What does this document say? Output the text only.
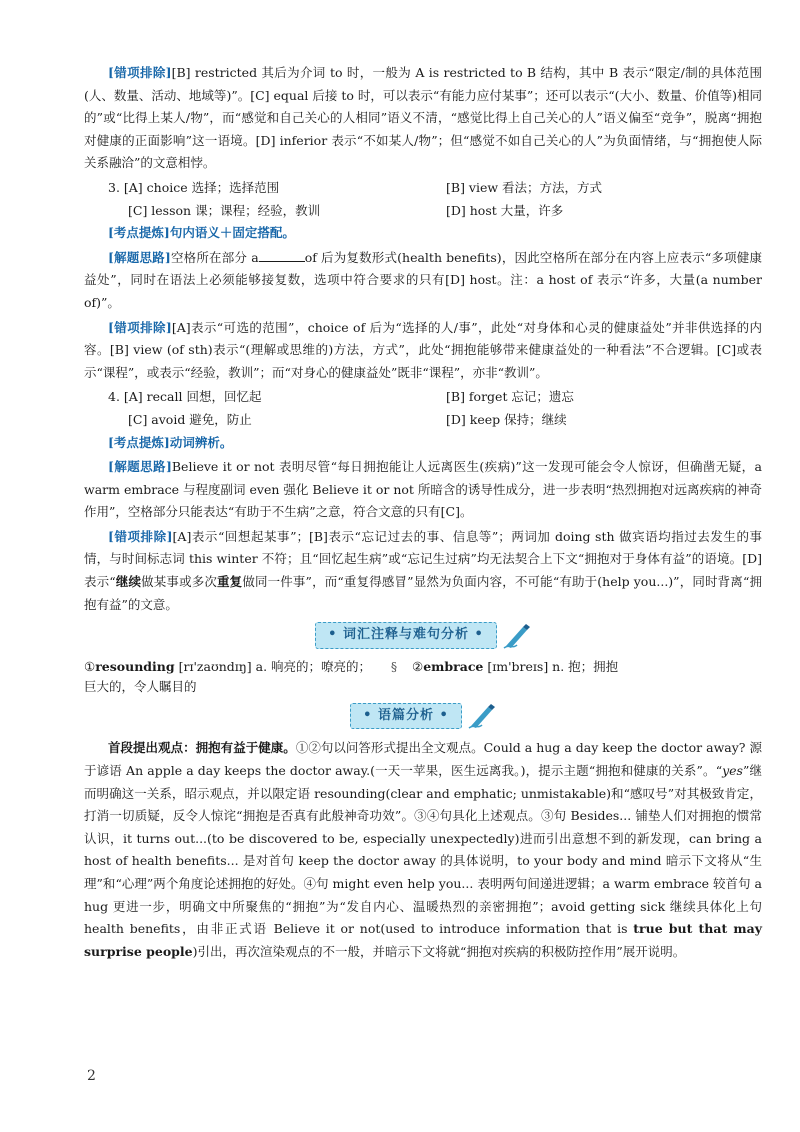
[错项排除][B] restricted 其后为介词 to 时，一般为 A is restricted to B 结构，其中 B 表示“限定/制的具体范围(人、数量、活动、地域等)”。[C] equal 后接 to 时，可以表示“有能力应付某事”；还可以表示“(大小、数量、价值等)相同的”或“比得上某人/物”，而“感觉和自己关心的人相同”语义不清，“感觉比得上自己关心的人”语义偏至“竞争”，脱离“拥抱对健康的正面影响”这一语境。[D] inferior 表示“不如某人/物”；但“感觉不如自己关心的人”为负面情绪，与“拥抱使人际关系融洽”的文意相悖。

3. [A] choice 选择；选择范围	[B] view 看法；方法，方式
[C] lesson 课；课程；经验，教训	[D] host 大量，许多

[考点提炼]句内语义＋固定搭配。

[解题思路]空格所在部分 a	of 后为复数形式(health benefits)，因此空格所在部分在内容上应表示“多项健康益处”，同时在语法上必须能够接复数，选项中符合要求的只有[D] host。注：a host of 表示“许多，大量(a number of)”。

[错项排除][A]表示“可选的范围”，choice of 后为“选择的人/事”，此处“对身体和心灵的健康益处”并非供选择的内容。[B] view (of sth)表示“(理解或思维的)方法，方式”，此处“拥抱能够带来健康益处的一种看法”不合逻辑。[C]或表示“课程”，或表示“经验，教训”；而“对身心的健康益处”既非“课程”，亦非“教训”。

4. [A] recall 回想，回忆起	[B] forget 忘记；遗忘
[C] avoid 避免，防止	[D] keep 保持；继续

[考点提炼]动词辨析。

[解题思路]Believe it or not 表明尽管“每日拥抱能让人远离医生(疾病)”这一发现可能会令人惊讶，但确凿无疑，a warm embrace 与程度副词 even 强化 Believe it or not 所暗含的诱导性成分，进一步表明“热烈拥抱对远离疾病的神奇作用”，空格部分只能表达“有助于不生病”之意，符合文意的只有[C]。

[错项排除][A]表示“回想起某事”；[B]表示“忘记过去的事、信息等”；两词加 doing sth 做宾语均指过去发生的事情，与时间标志词 this winter 不符；且“回忆起生病”或“忘记生过病”均无法契合上下文“拥抱对于身体有益”的语境。[D]表示“继续做某事或多次重复做同一件事”，而“重复得感冒”显然为负面内容，不可能“有助于(help you...)”，同时背离“拥抱有益”的文意。

• 词汇注释与难句分析 •
①resounding [rɪ'zaʊndɪŋ] a. 响亮的；嘹亮的；巨大的，令人瞩目的
§	②embrace [ɪm'breɪs] n. 抱；拥抱
• 语篇分析 •

首段提出观点：拥抱有益于健康。①②句以问答形式提出全文观点。Could a hug a day keep the doctor away? 源于谚语 An apple a day keeps the doctor away.(一天一苹果，医生远离我。)，提示主题“拥抱和健康的关系”。“yes”继而明确这一关系，昭示观点，并以限定语 resounding(clear and emphatic; unmistakable)和“感叹号”对其极致肯定，打消一切质疑，反令人惊诧“拥抱是否真有此般神奇功效”。③④句具化上述观点。③句 Besides... 铺垫人们对拥抱的惯常认识，it turns out...(to be discovered to be, especially unexpectedly)进而引出意想不到的新发现，can bring a host of health benefits... 是对首句 keep the doctor away 的具体说明，to your body and mind 暗示下文将从“生理”和“心理”两个角度论述拥抱的好处。④句 might even help you... 表明两句间递进逻辑；a warm embrace 较首句 a hug 更进一步，明确文中所聚焦的“拥抱”为“发自内心、温暖热烈的亲密拥抱”；avoid getting sick 继续具体化上句 health benefits，由非正式语 Believe it or not(used to introduce information that is true but that may surprise people)引出，再次渲染观点的不一般，并暗示下文将就“拥抱对疾病的积极防控作用”展开说明。

2
